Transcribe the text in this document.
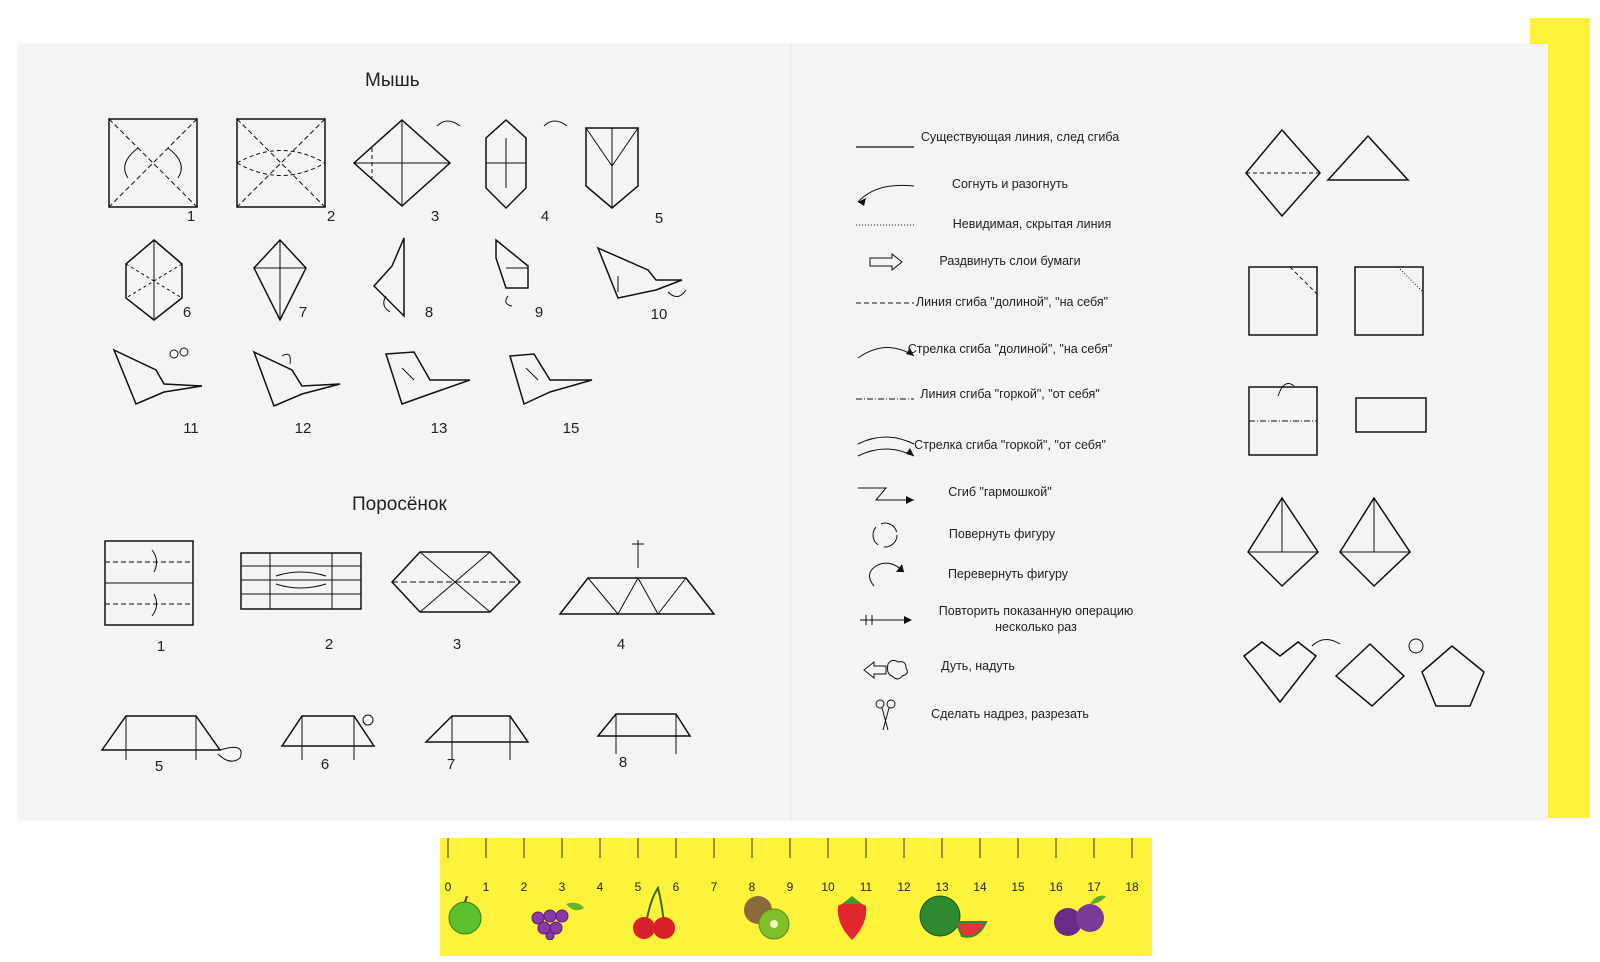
Мышь
1	2	3	4	5
6	7	8	9	10
11	12	13	15
Поросёнок
1	2	3	4
5	6	7	8
Существующая линия, след сгиба
Согнуть и разогнуть
Невидимая, скрытая линия
Раздвинуть слои бумаги
Линия сгиба "долиной", "на себя"
Стрелка сгиба "долиной", "на себя"
Линия сгиба "горкой", "от себя"
Стрелка сгиба "горкой", "от себя"
Сгиб "гармошкой"
Повернуть фигуру
Перевернуть фигуру
Повторить показанную операцию несколько раз
Дуть, надуть
Сделать надрез, разрезать
0	1	2	3	4	5	6	7	8	9	10	11	12 13 14 15 16 17 18
